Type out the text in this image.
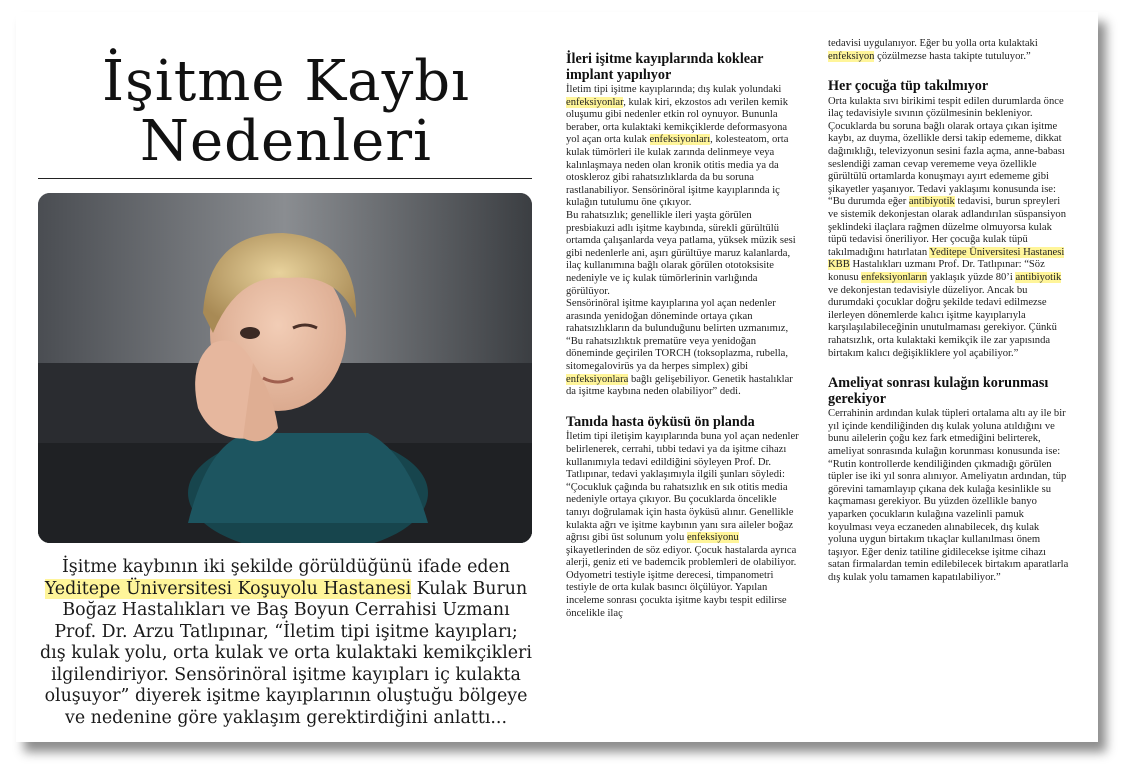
İşitme Kaybı
Nedenleri

İşitme kaybının iki şekilde görüldüğünü ifade eden Yeditepe Üniversitesi Koşuyolu Hastanesi Kulak Burun Boğaz Hastalıkları ve Baş Boyun Cerrahisi Uzmanı Prof. Dr. Arzu Tatlıpınar, “İletim tipi işitme kayıpları; dış kulak yolu, orta kulak ve orta kulaktaki kemikçikleri ilgilendiriyor. Sensörinöral işitme kayıpları iç kulakta oluşuyor” diyerek işitme kayıplarının oluştuğu bölgeye ve nedenine göre yaklaşım gerektirdiğini anlattı...

İleri işitme kayıplarında koklear implant yapılıyor

İletim tipi işitme kayıplarında; dış kulak yolundaki enfeksiyonlar, kulak kiri, ekzostos adı verilen kemik oluşumu gibi nedenler etkin rol oynuyor. Bununla beraber, orta kulaktaki kemikçiklerde deformasyona yol açan orta kulak enfeksiyonları, kolesteatom, orta kulak tümörleri ile kulak zarında delinmeye veya kalınlaşmaya neden olan kronik otitis media ya da otoskleroz gibi rahatsızlıklarda da bu soruna rastlanabiliyor. Sensörinöral işitme kayıplarında iç kulağın tutulumu öne çıkıyor.

Bu rahatsızlık; genellikle ileri yaşta görülen presbiakuzi adlı işitme kaybında, sürekli gürültülü ortamda çalışanlarda veya patlama, yüksek müzik sesi gibi nedenlerle ani, aşırı gürültüye maruz kalanlarda, ilaç kullanımına bağlı olarak görülen ototoksisite nedeniyle ve iç kulak tümörlerinin varlığında görülüyor.

Sensörinöral işitme kayıplarına yol açan nedenler arasında yenidoğan döneminde ortaya çıkan rahatsızlıkların da bulunduğunu belirten uzmanımız, “Bu rahatsızlıktık prematüre veya yenidoğan döneminde geçirilen TORCH (toksoplazma, rubella, sitomegalovirüs ya da herpes simplex) gibi enfeksiyonlara bağlı gelişebiliyor. Genetik hastalıklar da işitme kaybına neden olabiliyor” dedi.

Tanıda hasta öyküsü ön planda

İletim tipi iletişim kayıplarında buna yol açan nedenler belirlenerek, cerrahi, tıbbi tedavi ya da işitme cihazı kullanımıyla tedavi edildiğini söyleyen Prof. Dr. Tatlıpınar, tedavi yaklaşımıyla ilgili şunları söyledi:

“Çocukluk çağında bu rahatsızlık en sık otitis media nedeniyle ortaya çıkıyor. Bu çocuklarda öncelikle tanıyı doğrulamak için hasta öyküsü alınır. Genellikle kulakta ağrı ve işitme kaybının yanı sıra aileler boğaz ağrısı gibi üst solunum yolu enfeksiyonu şikayetlerinden de söz ediyor. Çocuk hastalarda ayrıca alerji, geniz eti ve bademcik problemleri de olabiliyor. Odyometri testiyle işitme derecesi, timpanometri testiyle de orta kulak basıncı ölçülüyor. Yapılan inceleme sonrası çocukta işitme kaybı tespit edilirse öncelikle ilaç

tedavisi uygulanıyor. Eğer bu yolla orta kulaktaki enfeksiyon çözülmezse hasta takipte tutuluyor.”

Her çocuğa tüp takılmıyor

Orta kulakta sıvı birikimi tespit edilen durumlarda önce ilaç tedavisiyle sıvının çözülmesinin bekleniyor. Çocuklarda bu soruna bağlı olarak ortaya çıkan işitme kaybı, az duyma, özellikle dersi takip edememe, dikkat dağınıklığı, televizyonun sesini fazla açma, anne-babası seslendiği zaman cevap verememe veya özellikle gürültülü ortamlarda konuşmayı ayırt edememe gibi şikayetler yaşanıyor. Tedavi yaklaşımı konusunda ise: “Bu durumda eğer antibiyotik tedavisi, burun spreyleri ve sistemik dekonjestan olarak adlandırılan süspansiyon şeklindeki ilaçlara rağmen düzelme olmuyorsa kulak tüpü tedavisi öneriliyor. Her çocuğa kulak tüpü takılmadığını hatırlatan Yeditepe Üniversitesi Hastanesi KBB Hastalıkları uzmanı Prof. Dr. Tatlıpınar: “Söz konusu enfeksiyonların yaklaşık yüzde 80’i antibiyotik ve dekonjestan tedavisiyle düzeliyor. Ancak bu durumdaki çocuklar doğru şekilde tedavi edilmezse ilerleyen dönemlerde kalıcı işitme kayıplarıyla karşılaşılabileceğinin unutulmaması gerekiyor. Çünkü rahatsızlık, orta kulaktaki kemikçik ile zar yapısında birtakım kalıcı değişikliklere yol açabiliyor.”

Ameliyat sonrası kulağın korunması gerekiyor

Cerrahinin ardından kulak tüpleri ortalama altı ay ile bir yıl içinde kendiliğinden dış kulak yoluna atıldığını ve bunu ailelerin çoğu kez fark etmediğini belirterek, ameliyat sonrasında kulağın korunması konusunda ise: “Rutin kontrollerde kendiliğinden çıkmadığı görülen tüpler ise iki yıl sonra alınıyor. Ameliyatın ardından, tüp görevini tamamlayıp çıkana dek kulağa kesinlikle su kaçmaması gerekiyor. Bu yüzden özellikle banyo yaparken çocukların kulağına vazelinli pamuk koyulması veya eczaneden alınabilecek, dış kulak yoluna uygun birtakım tıkaçlar kullanılması önem taşıyor. Eğer deniz tatiline gidilecekse işitme cihazı satan firmalardan temin edilebilecek birtakım aparatlarla dış kulak yolu tamamen kapatılabiliyor.”
